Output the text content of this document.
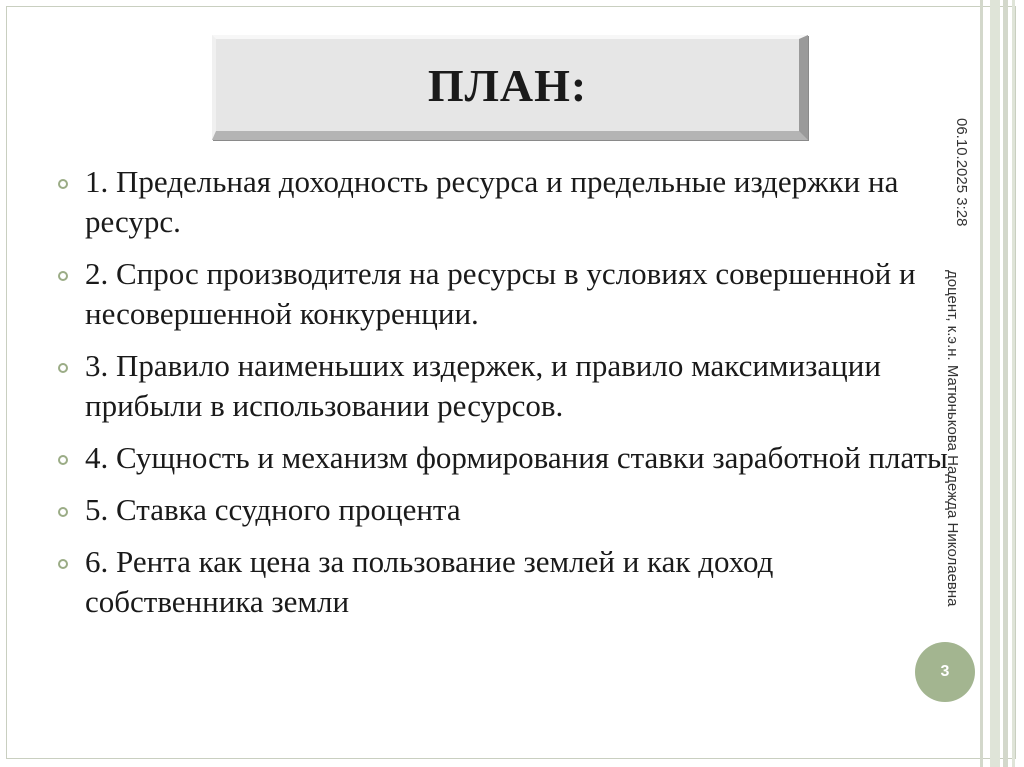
ПЛАН:
1. Предельная доходность ресурса и предельные издержки на ресурс.
2. Спрос производителя на ресурсы в условиях совершенной и несовершенной конкуренции.
3. Правило наименьших издержек, и правило максимизации прибыли в использовании ресурсов.
4. Сущность и механизм формирования ставки заработной платы
5. Ставка ссудного процента
6. Рента как цена за пользование землей и как доход собственника земли
06.10.2025 3:28
доцент, к.э.н. Матюнькова Надежда Николаевна
3
